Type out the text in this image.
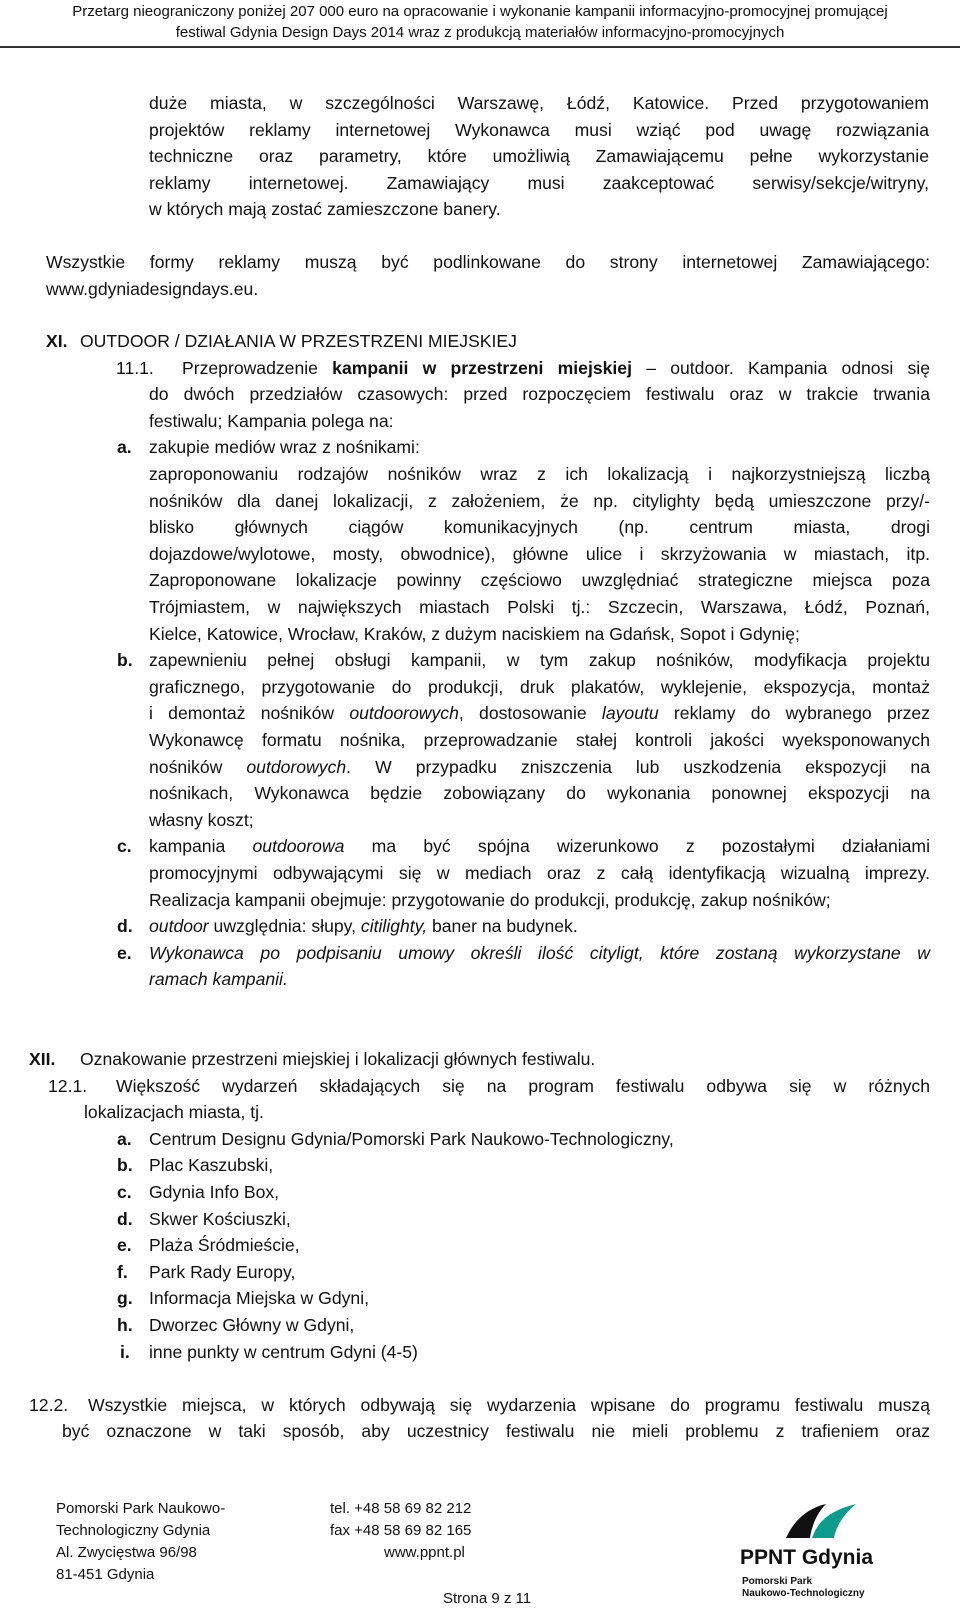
Przetarg nieograniczony poniżej 207 000 euro na opracowanie i wykonanie kampanii informacyjno-promocyjnej promującej
festiwal Gdynia Design Days 2014 wraz z produkcją materiałów informacyjno-promocyjnych
duże miasta, w szczególności Warszawę, Łódź, Katowice. Przed przygotowaniem
projektów reklamy internetowej Wykonawca musi wziąć pod uwagę rozwiązania
techniczne oraz parametry, które umożliwią Zamawiającemu pełne wykorzystanie
reklamy internetowej. Zamawiający musi zaakceptować serwisy/sekcje/witryny,
w których mają zostać zamieszczone banery.
Wszystkie formy reklamy muszą być podlinkowane do strony internetowej Zamawiającego:
www.gdyniadesigndays.eu.
XI. OUTDOOR / DZIAŁANIA W PRZESTRZENI MIEJSKIEJ
11.1. Przeprowadzenie kampanii w przestrzeni miejskiej – outdoor. Kampania odnosi się
do dwóch przedziałów czasowych: przed rozpoczęciem festiwalu oraz w trakcie trwania
festiwalu; Kampania polega na:
a. zakupie mediów wraz z nośnikami:
zaproponowaniu rodzajów nośników wraz z ich lokalizacją i najkorzystniejszą liczbą
nośników dla danej lokalizacji, z założeniem, że np. citylighty będą umieszczone przy/-
blisko głównych ciągów komunikacyjnych (np. centrum miasta, drogi
dojazdowe/wylotowe, mosty, obwodnice), główne ulice i skrzyżowania w miastach, itp.
Zaproponowane lokalizacje powinny częściowo uwzględniać strategiczne miejsca poza
Trójmiastem, w największych miastach Polski tj.: Szczecin, Warszawa, Łódź, Poznań,
Kielce, Katowice, Wrocław, Kraków, z dużym naciskiem na Gdańsk, Sopot i Gdynię;
b. zapewnieniu pełnej obsługi kampanii, w tym zakup nośników, modyfikacja projektu
graficznego, przygotowanie do produkcji, druk plakatów, wyklejenie, ekspozycja, montaż
i demontaż nośników outdoorowych, dostosowanie layoutu reklamy do wybranego przez
Wykonawcę formatu nośnika, przeprowadzanie stałej kontroli jakości wyeksponowanych
nośników outdorowych. W przypadku zniszczenia lub uszkodzenia ekspozycji na
nośnikach, Wykonawca będzie zobowiązany do wykonania ponownej ekspozycji na
własny koszt;
c. kampania outdoorowa ma być spójna wizerunkowo z pozostałymi działaniami
promocyjnymi odbywającymi się w mediach oraz z całą identyfikacją wizualną imprezy.
Realizacja kampanii obejmuje: przygotowanie do produkcji, produkcję, zakup nośników;
d. outdoor uwzględnia: słupy, citilighty, baner na budynek.
e. Wykonawca po podpisaniu umowy określi ilość cityligt, które zostaną wykorzystane w
ramach kampanii.
XII. Oznakowanie przestrzeni miejskiej i lokalizacji głównych festiwalu.
12.1. Większość wydarzeń składających się na program festiwalu odbywa się w różnych
lokalizacjach miasta, tj.
a. Centrum Designu Gdynia/Pomorski Park Naukowo-Technologiczny,
b. Plac Kaszubski,
c. Gdynia Info Box,
d. Skwer Kościuszki,
e. Plaża Śródmieście,
f. Park Rady Europy,
g. Informacja Miejska w Gdyni,
h. Dworzec Główny w Gdyni,
i. inne punkty w centrum Gdyni (4-5)
12.2. Wszystkie miejsca, w których odbywają się wydarzenia wpisane do programu festiwalu muszą
być oznaczone w taki sposób, aby uczestnicy festiwalu nie mieli problemu z trafieniem oraz
Pomorski Park Naukowo-
Technologiczny Gdynia
Al. Zwycięstwa 96/98
81-451 Gdynia
tel. +48 58 69 82 212
fax +48 58 69 82 165
www.ppnt.pl
Strona 9 z 11
PPNT Gdynia
Pomorski Park
Naukowo-Technologiczny
